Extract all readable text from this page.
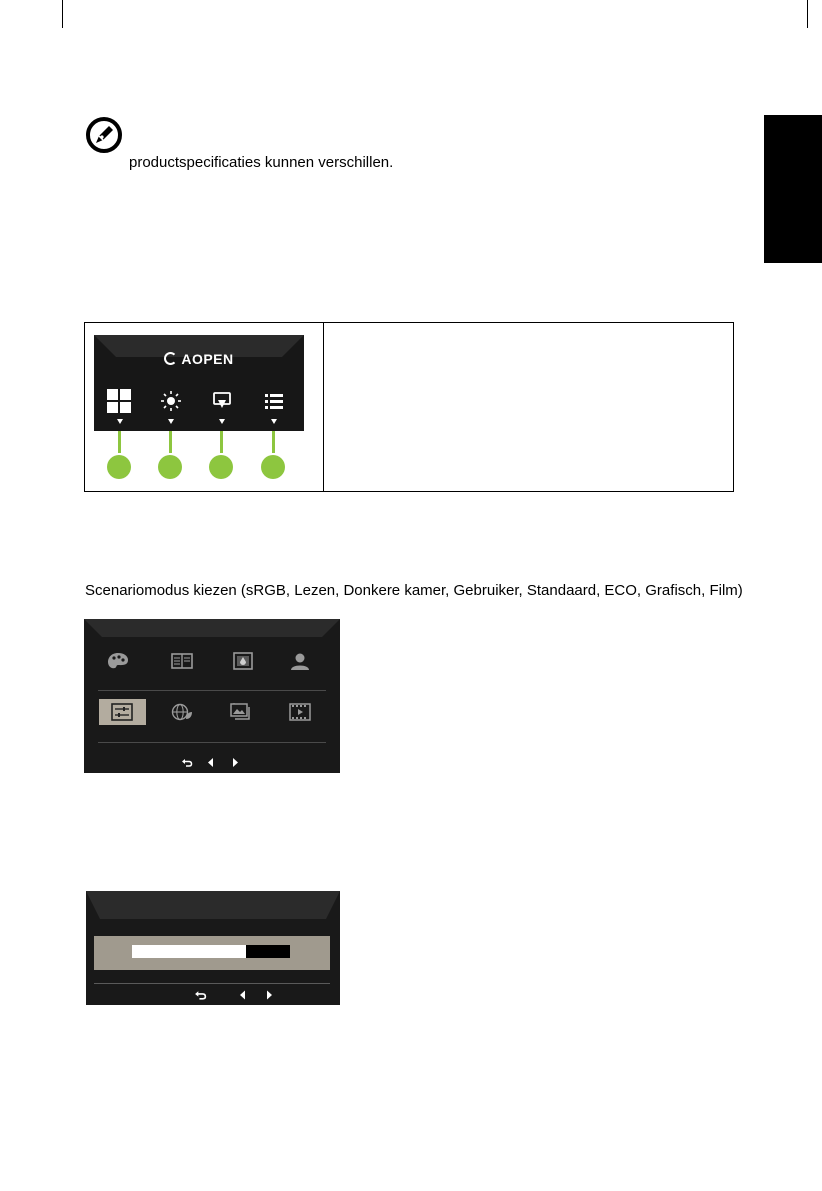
productspecificaties kunnen verschillen.
AOPEN
Scenariomodus kiezen (sRGB, Lezen, Donkere kamer, Gebruiker, Standaard, ECO, Grafisch, Film)
